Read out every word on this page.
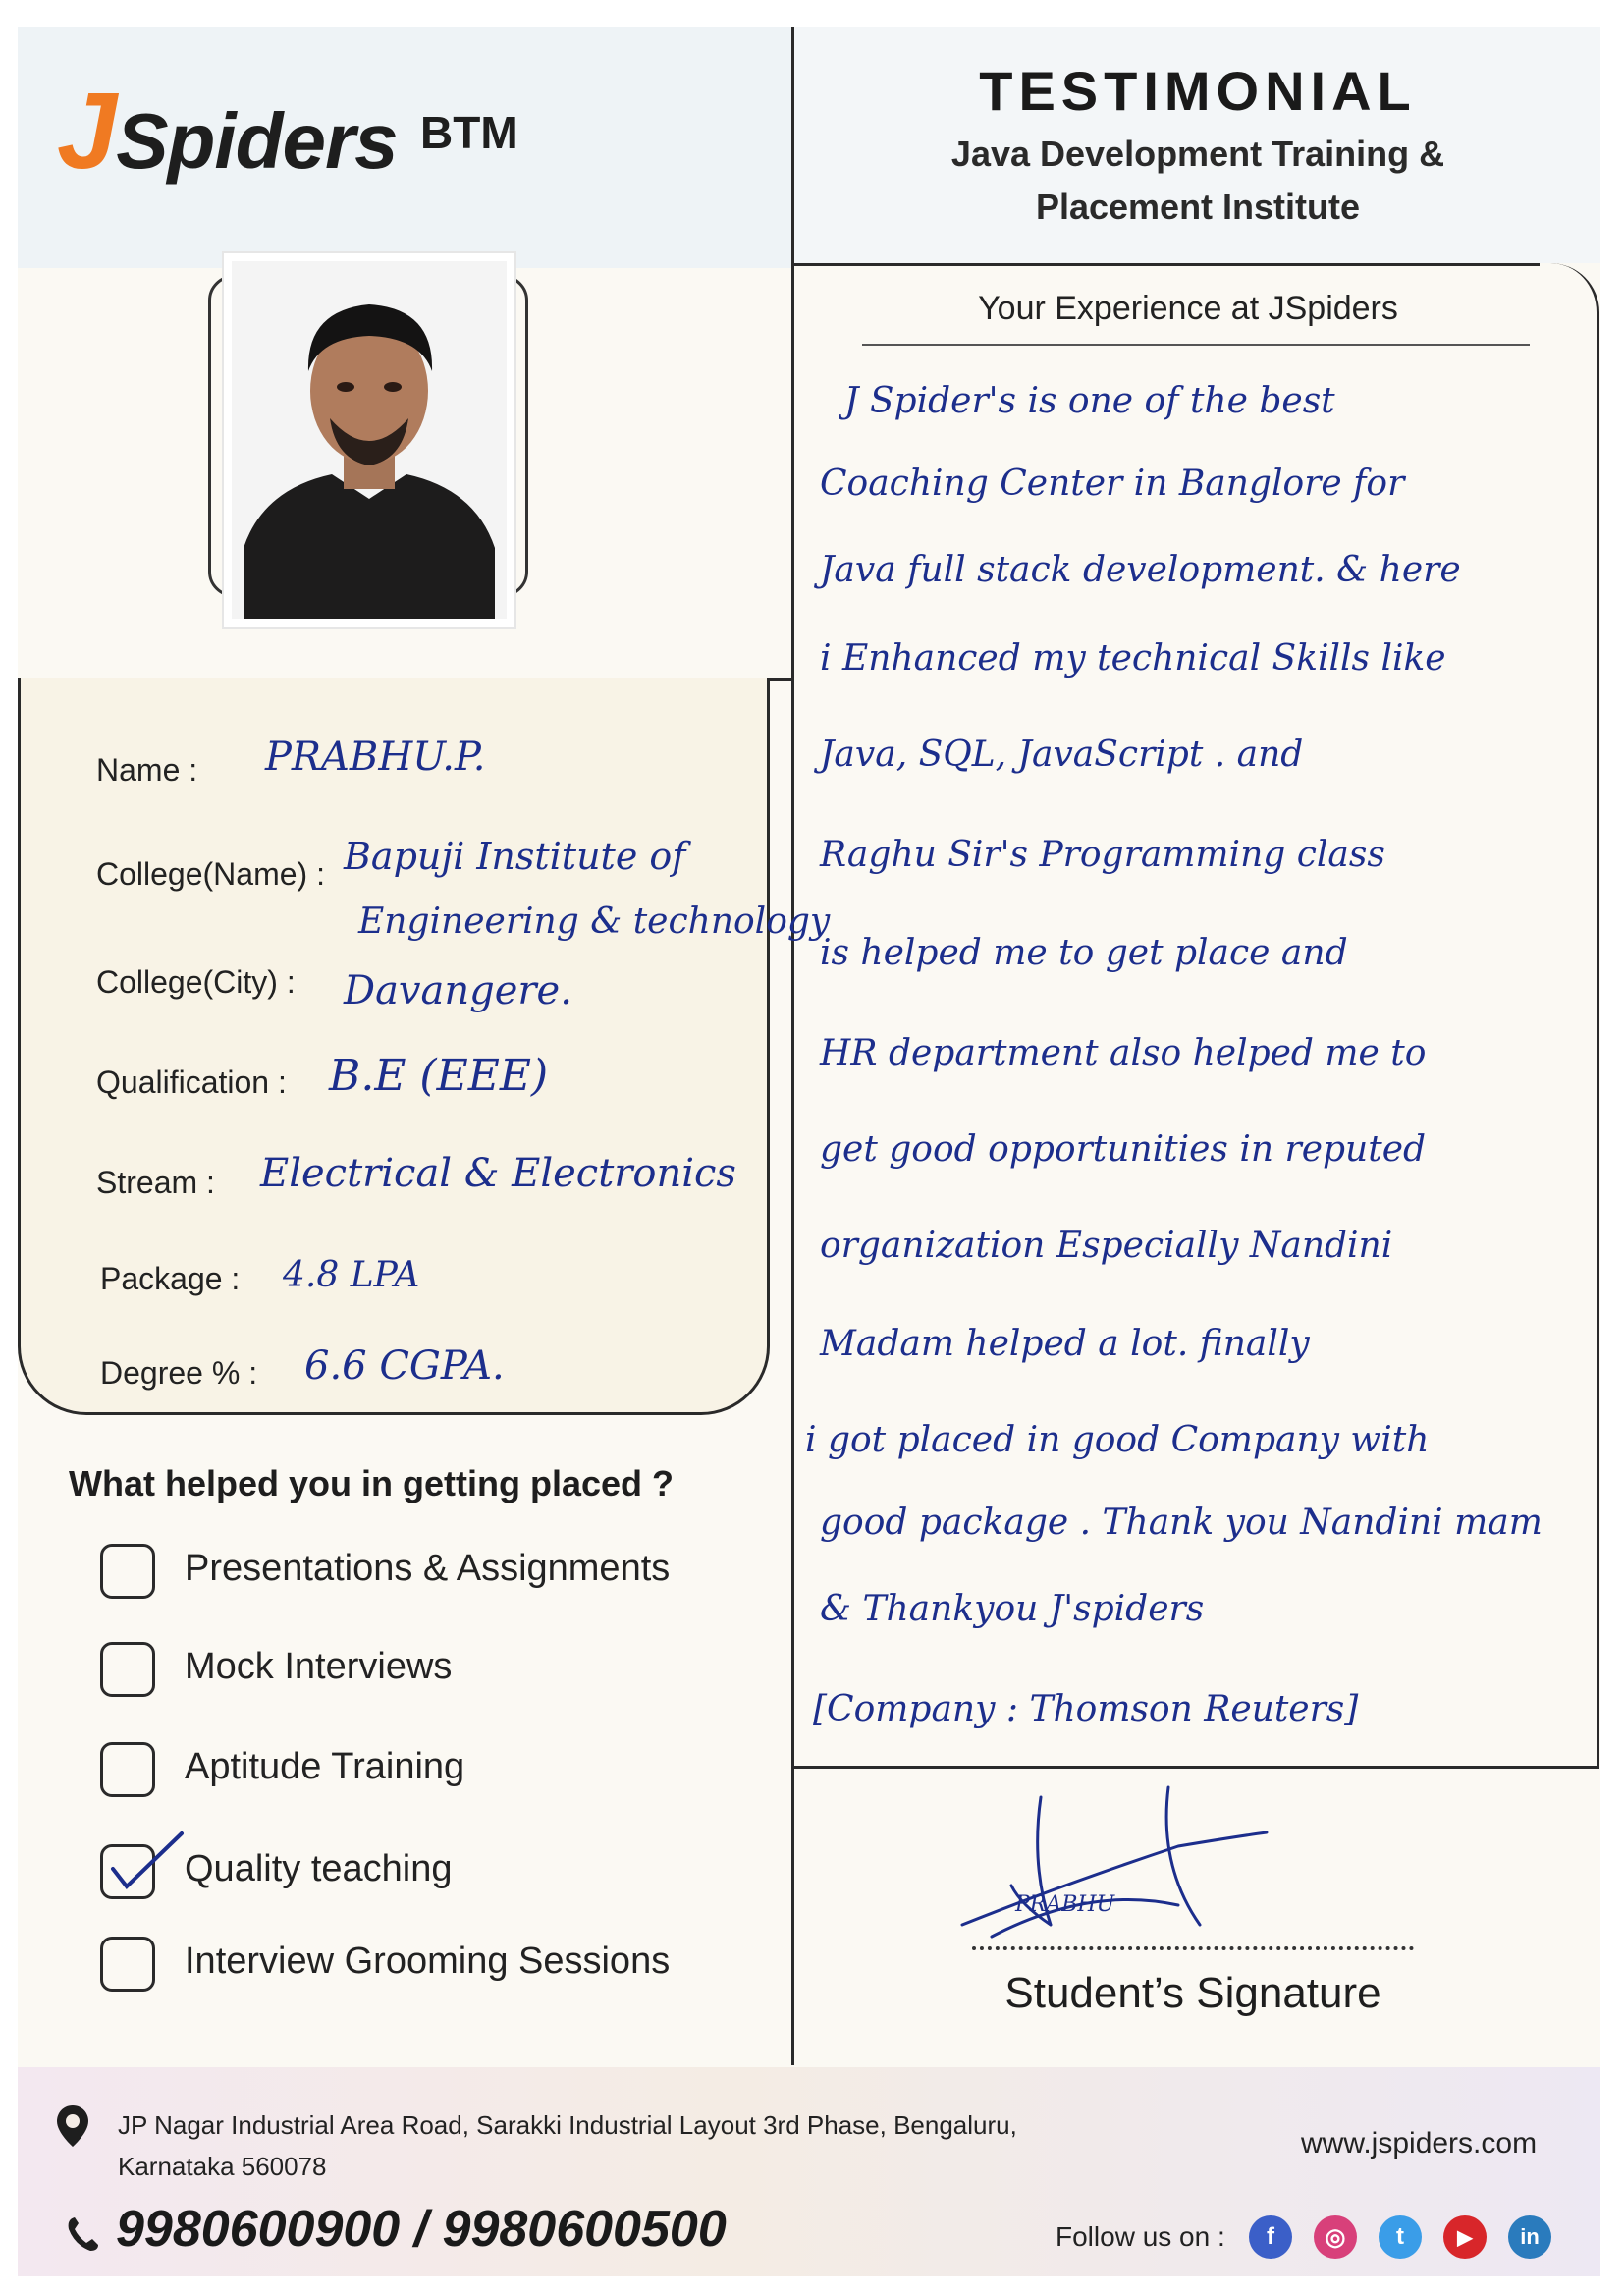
JSpiders BTM
TESTIMONIAL
Java Development Training &
Placement Institute
Name : PRABHU.P.
College(Name) : Bapuji Institute of
Engineering & technology
College(City) : Davangere.
Qualification : B.E (EEE)
Stream : Electrical & Electronics
Package : 4.8 LPA
Degree % : 6.6 CGPA.
What helped you in getting placed ?
Presentations & Assignments
Mock Interviews
Aptitude Training
Quality teaching
Interview Grooming Sessions
Your Experience at JSpiders
J Spider's is one of the best
Coaching Center in Banglore for
Java full stack development. & here
i Enhanced my technical Skills like
Java, SQL, JavaScript . and
Raghu Sir's Programming class
is helped me to get place and
HR department also helped me to
get good opportunities in reputed
organization Especially Nandini
Madam helped a lot. finally
i got placed in good Company with
good package . Thank you Nandini mam
& Thankyou J'spiders
[Company : Thomson Reuters]
PRABHU
Student’s Signature
JP Nagar Industrial Area Road, Sarakki Industrial Layout 3rd Phase, Bengaluru,
Karnataka 560078
9980600900 / 9980600500
www.jspiders.com
Follow us on :	f	◎	t	▶	in
